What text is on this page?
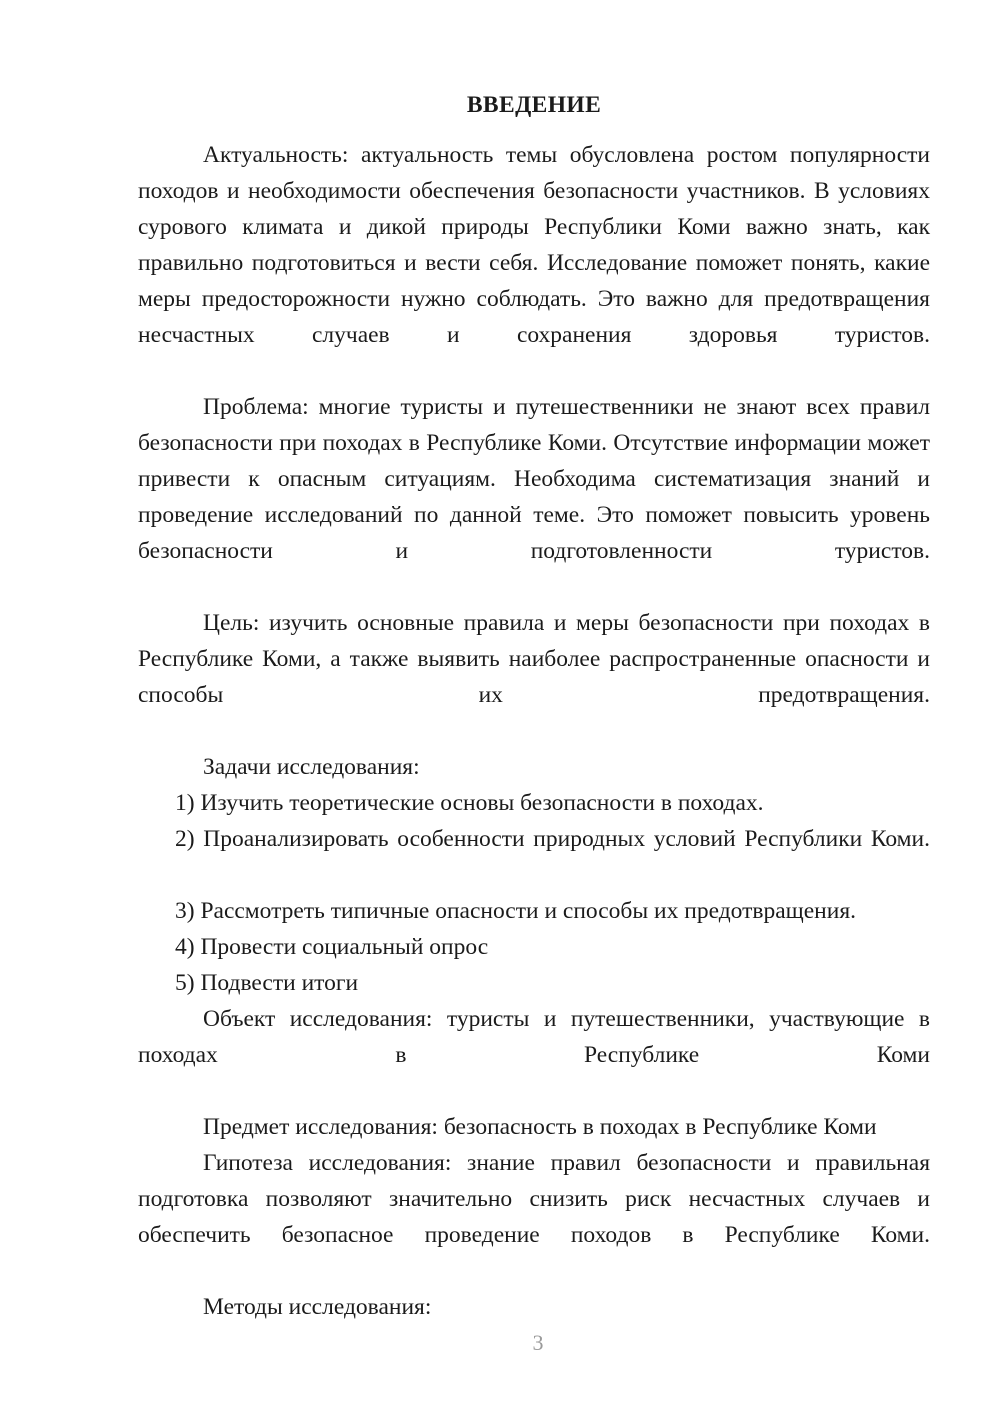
ВВЕДЕНИЕ

Актуальность: актуальность темы обусловлена ростом популярности походов и необходимости обеспечения безопасности участников. В условиях сурового климата и дикой природы Республики Коми важно знать, как правильно подготовиться и вести себя. Исследование поможет понять, какие меры предосторожности нужно соблюдать. Это важно для предотвращения несчастных случаев и сохранения здоровья туристов.

Проблема: многие туристы и путешественники не знают всех правил безопасности при походах в Республике Коми. Отсутствие информации может привести к опасным ситуациям. Необходима систематизация знаний и проведение исследований по данной теме. Это поможет повысить уровень безопасности и подготовленности туристов.

Цель: изучить основные правила и меры безопасности при походах в Республике Коми, а также выявить наиболее распространенные опасности и способы их предотвращения.

Задачи исследования:

1) Изучить теоретические основы безопасности в походах.

2) Проанализировать особенности природных условий Республики Коми.

3) Рассмотреть типичные опасности и способы их предотвращения.

4) Провести социальный опрос

5) Подвести итоги

Объект исследования: туристы и путешественники, участвующие в походах в Республике Коми

Предмет исследования: безопасность в походах в Республике Коми

Гипотеза исследования: знание правил безопасности и правильная подготовка позволяют значительно снизить риск несчастных случаев и обеспечить безопасное проведение походов в Республике Коми.

Методы исследования:

3
